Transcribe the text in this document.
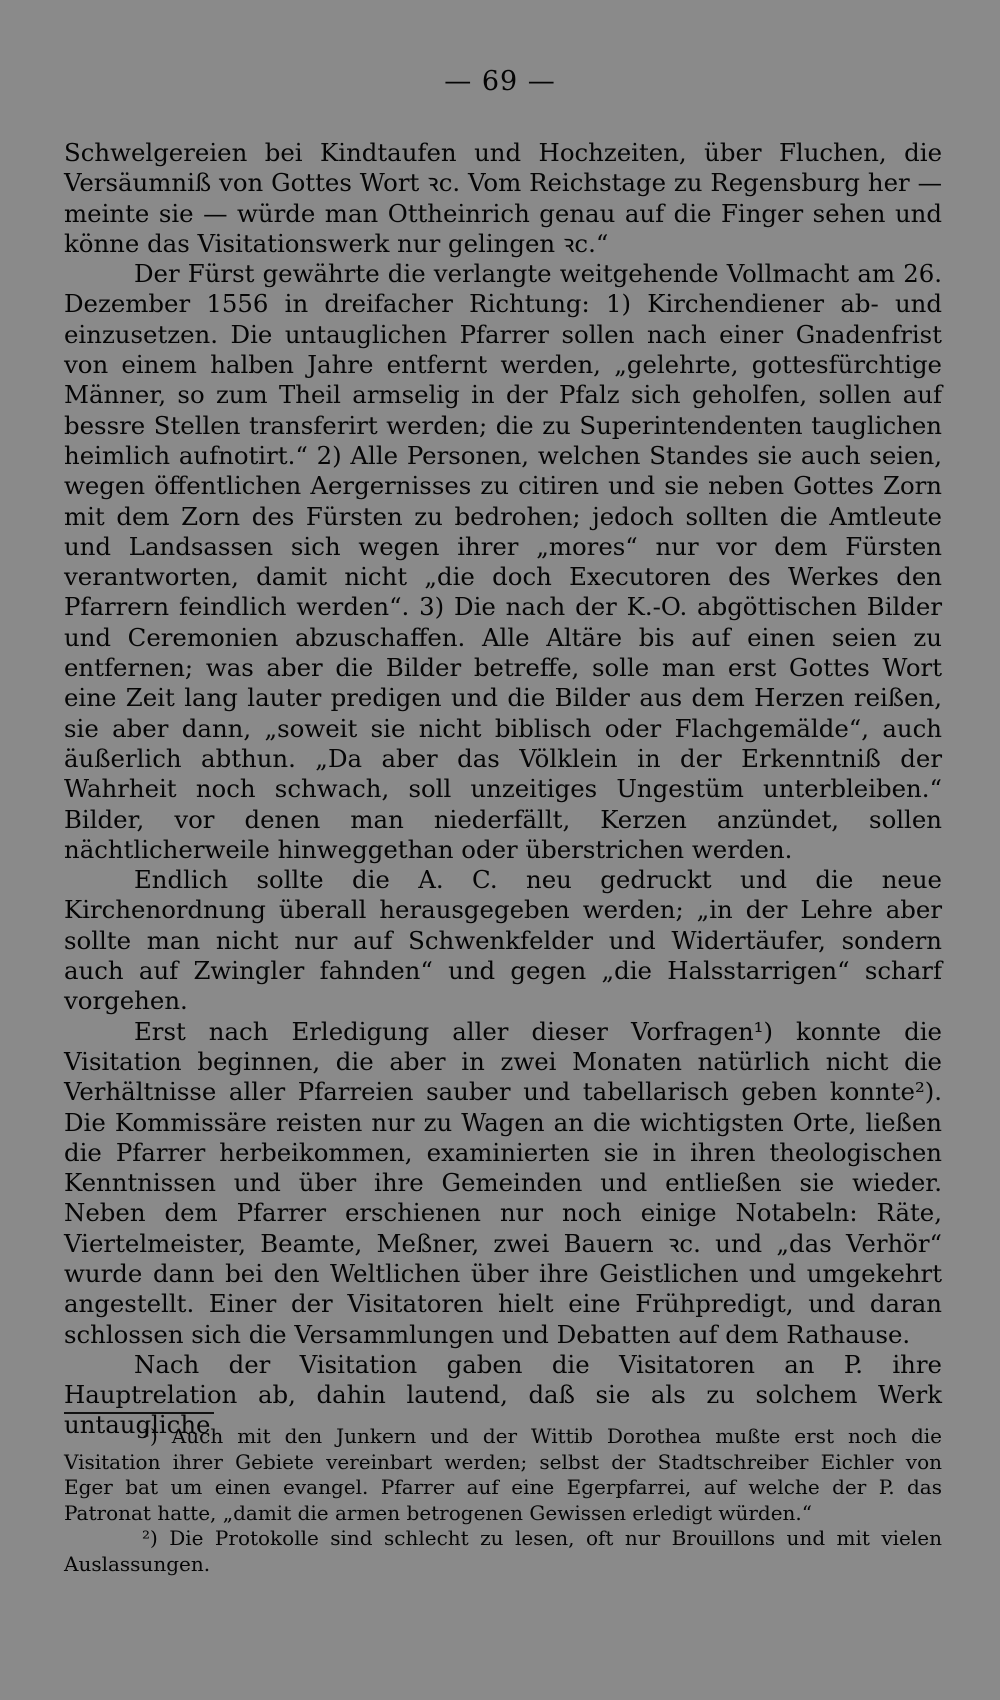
— 69 —

Schwelgereien bei Kindtaufen und Hochzeiten, über Fluchen, die Versäumniß von Gottes Wort ꝛc. Vom Reichstage zu Regensburg her — meinte sie — würde man Ottheinrich genau auf die Finger sehen und könne das Visitationswerk nur gelingen ꝛc.“

Der Fürst gewährte die verlangte weitgehende Vollmacht am 26. Dezember 1556 in dreifacher Richtung: 1) Kirchendiener ab- und einzusetzen. Die untauglichen Pfarrer sollen nach einer Gnadenfrist von einem halben Jahre entfernt werden, „gelehrte, gottesfürchtige Männer, so zum Theil armselig in der Pfalz sich geholfen, sollen auf bessre Stellen transferirt werden; die zu Superintendenten tauglichen heimlich aufnotirt.“ 2) Alle Personen, welchen Standes sie auch seien, wegen öffentlichen Aergernisses zu citiren und sie neben Gottes Zorn mit dem Zorn des Fürsten zu bedrohen; jedoch sollten die Amtleute und Landsassen sich wegen ihrer „mores“ nur vor dem Fürsten verantworten, damit nicht „die doch Executoren des Werkes den Pfarrern feindlich werden“. 3) Die nach der K.-O. abgöttischen Bilder und Ceremonien abzuschaffen. Alle Altäre bis auf einen seien zu entfernen; was aber die Bilder betreffe, solle man erst Gottes Wort eine Zeit lang lauter predigen und die Bilder aus dem Herzen reißen, sie aber dann, „soweit sie nicht biblisch oder Flachgemälde“, auch äußerlich abthun. „Da aber das Völklein in der Erkenntniß der Wahrheit noch schwach, soll unzeitiges Ungestüm unterbleiben.“ Bilder, vor denen man niederfällt, Kerzen anzündet, sollen nächtlicherweile hinweggethan oder überstrichen werden.

Endlich sollte die A. C. neu gedruckt und die neue Kirchenordnung überall herausgegeben werden; „in der Lehre aber sollte man nicht nur auf Schwenkfelder und Widertäufer, sondern auch auf Zwingler fahnden“ und gegen „die Halsstarrigen“ scharf vorgehen.

Erst nach Erledigung aller dieser Vorfragen¹) konnte die Visitation beginnen, die aber in zwei Monaten natürlich nicht die Verhältnisse aller Pfarreien sauber und tabellarisch geben konnte²). Die Kommissäre reisten nur zu Wagen an die wichtigsten Orte, ließen die Pfarrer herbeikommen, examinierten sie in ihren theologischen Kenntnissen und über ihre Gemeinden und entließen sie wieder. Neben dem Pfarrer erschienen nur noch einige Notabeln: Räte, Viertelmeister, Beamte, Meßner, zwei Bauern ꝛc. und „das Verhör“ wurde dann bei den Weltlichen über ihre Geistlichen und umgekehrt angestellt. Einer der Visitatoren hielt eine Frühpredigt, und daran schlossen sich die Versammlungen und Debatten auf dem Rathause.

Nach der Visitation gaben die Visitatoren an P. ihre Hauptrelation ab, dahin lautend, daß sie als zu solchem Werk untaugliche

¹) Auch mit den Junkern und der Wittib Dorothea mußte erst noch die Visitation ihrer Gebiete vereinbart werden; selbst der Stadtschreiber Eichler von Eger bat um einen evangel. Pfarrer auf eine Egerpfarrei, auf welche der P. das Patronat hatte, „damit die armen betrogenen Gewissen erledigt würden.“

²) Die Protokolle sind schlecht zu lesen, oft nur Brouillons und mit vielen Auslassungen.
